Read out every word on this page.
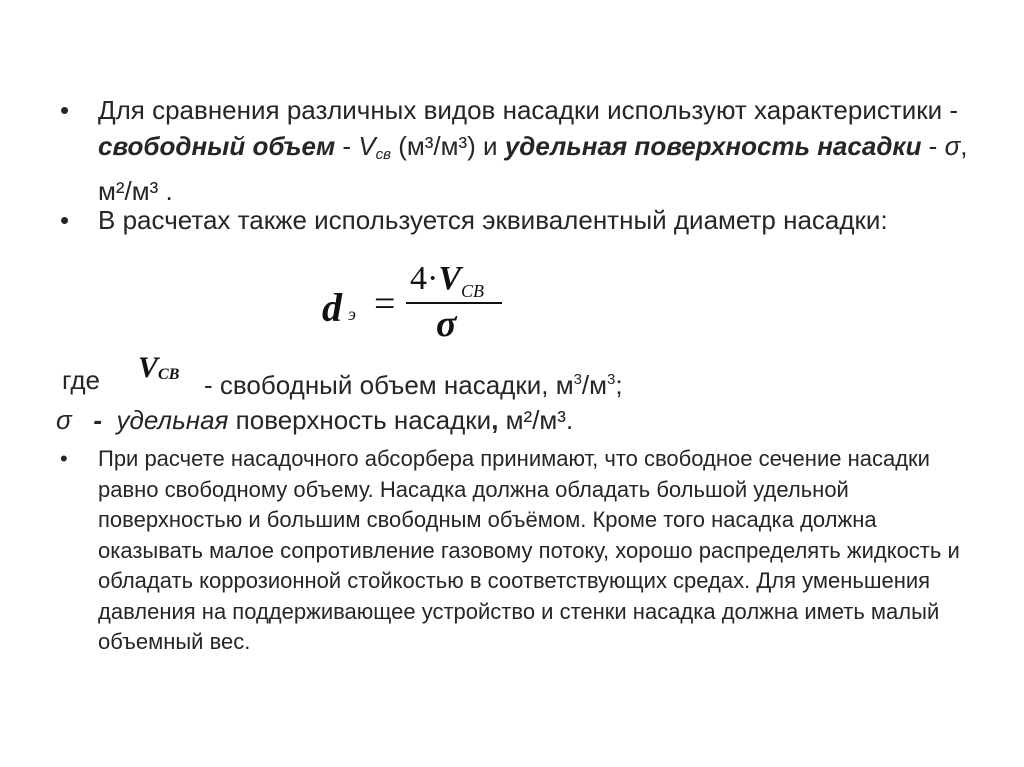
• Для сравнения различных видов насадки используют характеристики - свободный объем - $V_{св}$ (м³/м³) и удельная поверхность насадки - σ, м²/м³ .
• В расчетах также используется эквивалентный диаметр насадки:
d э =
$4\cdot V_{СВ}$
σ
где VСВ - свободный объем насадки, $м^3/м^3$;
σ   -  удельная поверхность насадки, м²/м³.
• При расчете насадочного абсорбера принимают, что свободное сечение насадки равно свободному объему. Насадка должна обладать большой удельной поверхностью и большим свободным объёмом. Кроме того насадка должна оказывать малое сопротивление газовому потоку, хорошо распределять жидкость и обладать коррозионной стойкостью в соответствующих средах. Для уменьшения давления на поддерживающее устройство и стенки насадка должна иметь малый объемный вес.
